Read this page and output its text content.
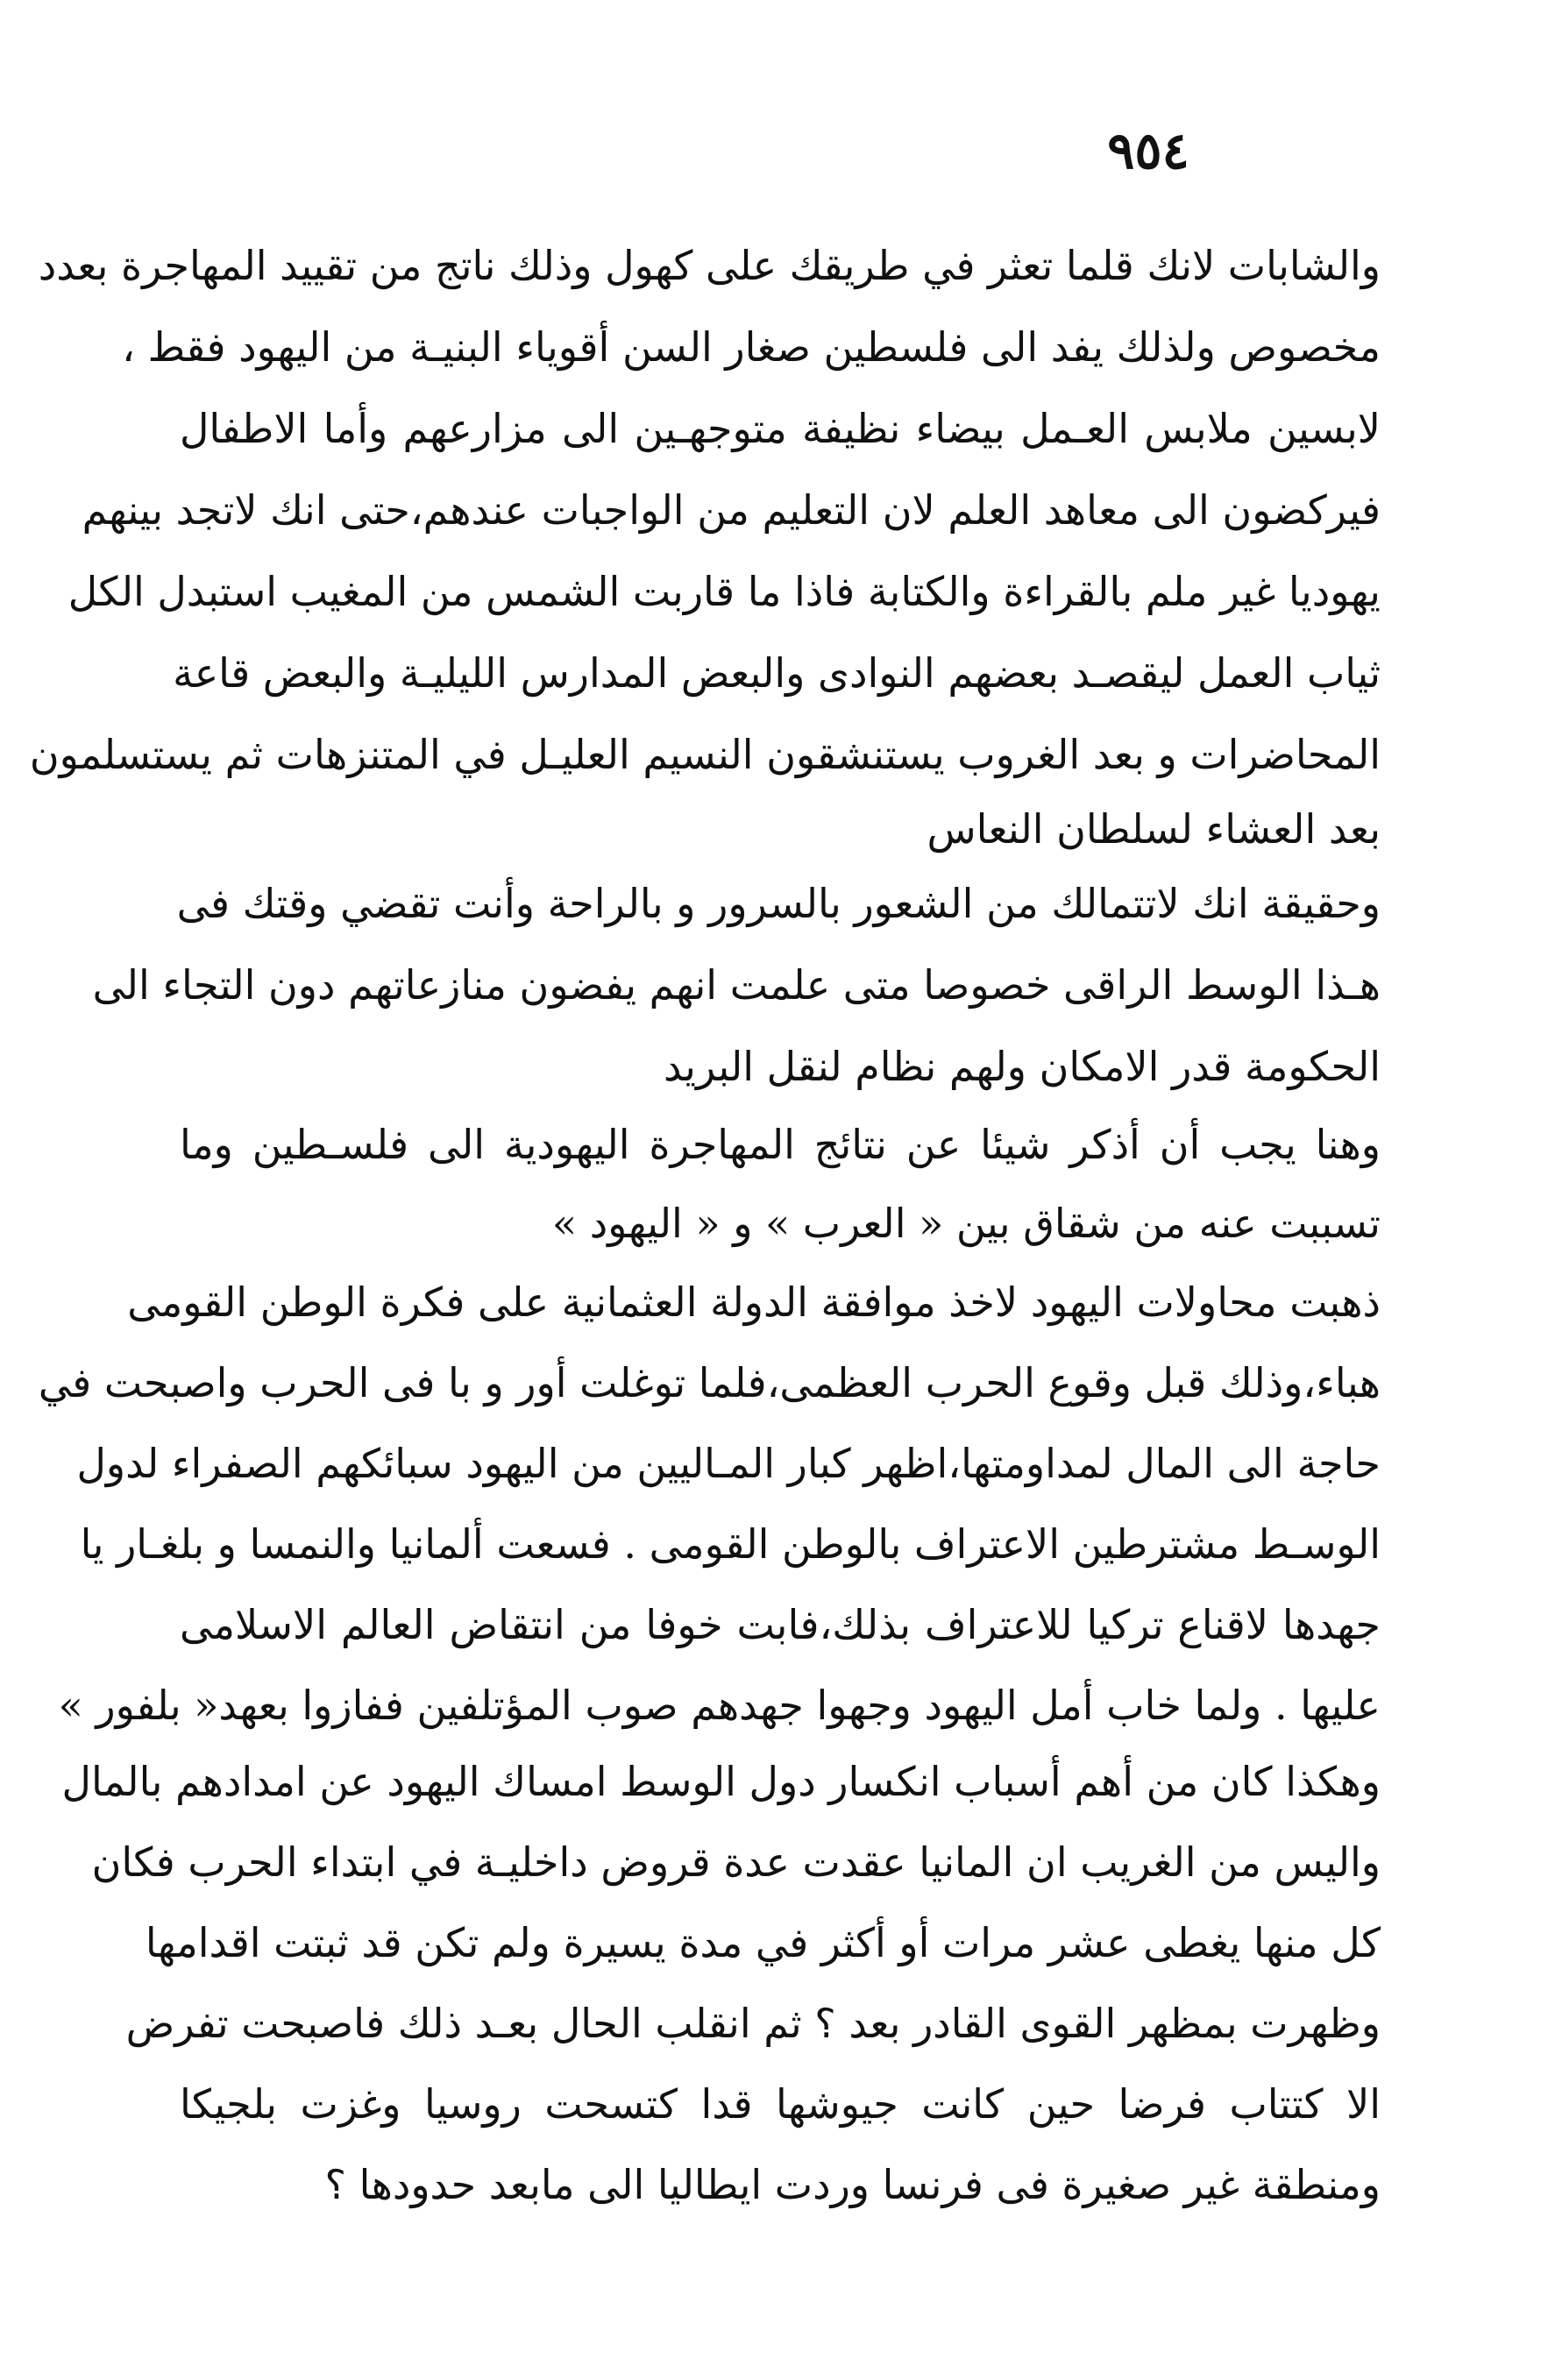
٩٥٤
والشابات لانك قلما تعثر في طريقك على كهول وذلك ناتج من تقييد المهاجرة بعدد
مخصوص ولذلك يفد الى فلسطين صغار السن أقوياء البنيـة من اليهود فقط ،
لابسين ملابس العـمل بيضاء نظيفة متوجهـين الى مزارعهم وأما الاطفال
فيركضون الى معاهد العلم لان التعليم من الواجبات عندهم،حتى انك لاتجد بينهم
يهوديا غير ملم بالقراءة والكتابة فاذا ما قاربت الشمس من المغيب استبدل الكل
ثياب العمل ليقصـد بعضهم النوادى والبعض المدارس الليليـة والبعض قاعة
المحاضرات و بعد الغروب يستنشقون النسيم العليـل في المتنزهات ثم يستسلمون
بعد العشاء لسلطان النعاس
وحقيقة انك لاتتمالك من الشعور بالسرور و بالراحة وأنت تقضي وقتك فى
هـذا الوسط الراقى خصوصا متى علمت انهم يفضون منازعاتهم دون التجاء الى
الحكومة قدر الامكان ولهم نظام لنقل البريد
وهنا يجب أن أذكر شيئا عن نتائج المهاجرة اليهودية الى فلسـطين وما
تسببت عنه من شقاق بين « العرب » و « اليهود »
ذهبت محاولات اليهود لاخذ موافقة الدولة العثمانية على فكرة الوطن القومى
هباء،وذلك قبل وقوع الحرب العظمى،فلما توغلت أور و با فى الحرب واصبحت في
حاجة الى المال لمداومتها،اظهر كبار المـاليين من اليهود سبائكهم الصفراء لدول
الوسـط مشترطين الاعتراف بالوطن القومى . فسعت ألمانيا والنمسا و بلغـار يا
جهدها لاقناع تركيا للاعتراف بذلك،فابت خوفا من انتقاض العالم الاسلامى
عليها . ولما خاب أمل اليهود وجهوا جهدهم صوب المؤتلفين ففازوا بعهد« بلفور »
وهكذا كان من أهم أسباب انكسار دول الوسط امساك اليهود عن امدادهم بالمال
واليس من الغريب ان المانيا عقدت عدة قروض داخليـة في ابتداء الحرب فكان
كل منها يغطى عشر مرات أو أكثر في مدة يسيرة ولم تكن قد ثبتت اقدامها
وظهرت بمظهر القوى القادر بعد ؟ ثم انقلب الحال بعـد ذلك فاصبحت تفرض
الا كتتاب فرضا حين كانت جيوشها قدا كتسحت روسيا وغزت بلجيكا
ومنطقة غير صغيرة فى فرنسا وردت ايطاليا الى مابعد حدودها ؟
